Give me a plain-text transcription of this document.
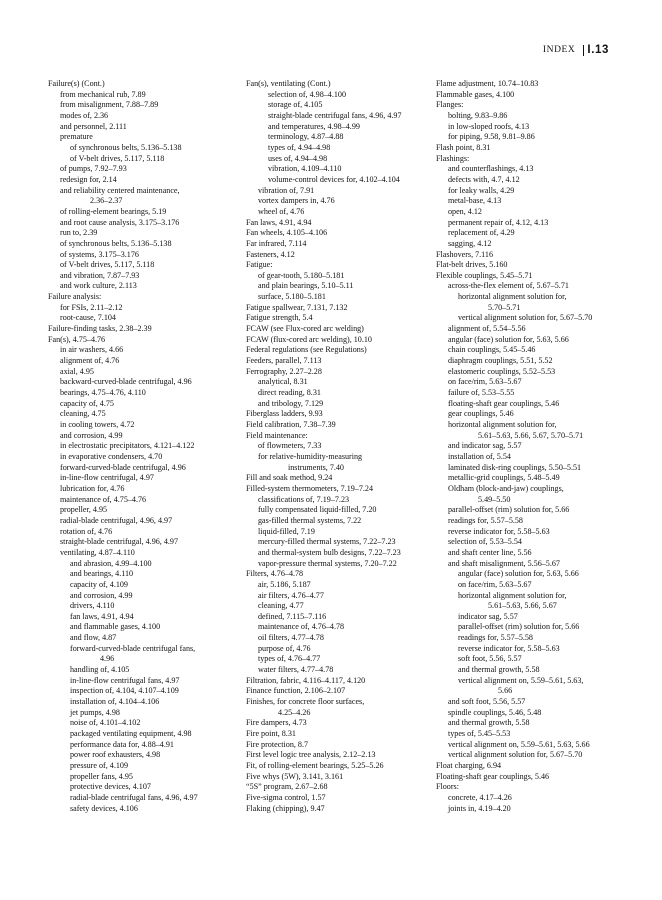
INDEX I.13
Failure(s) (Cont.)
from mechanical rub, 7.89
from misalignment, 7.88–7.89
modes of, 2.36
and personnel, 2.111
premature
of synchronous belts, 5.136–5.138
of V-belt drives, 5.117, 5.118
of pumps, 7.92–7.93
redesign for, 2.14
and reliability centered maintenance,
2.36–2.37
of rolling-element bearings, 5.19
and root cause analysis, 3.175–3.176
run to, 2.39
of synchronous belts, 5.136–5.138
of systems, 3.175–3.176
of V-belt drives, 5.117, 5.118
and vibration, 7.87–7.93
and work culture, 2.113
Failure analysis:
for FSIs, 2.11–2.12
root-cause, 7.104
Failure-finding tasks, 2.38–2.39
Fan(s), 4.75–4.76
in air washers, 4.66
alignment of, 4.76
axial, 4.95
backward-curved-blade centrifugal, 4.96
bearings, 4.75–4.76, 4.110
capacity of, 4.75
cleaning, 4.75
in cooling towers, 4.72
and corrosion, 4.99
in electrostatic precipitators, 4.121–4.122
in evaporative condensers, 4.70
forward-curved-blade centrifugal, 4.96
in-line-flow centrifugal, 4.97
lubrication for, 4.76
maintenance of, 4.75–4.76
propeller, 4.95
radial-blade centrifugal, 4.96, 4.97
rotation of, 4.76
straight-blade centrifugal, 4.96, 4.97
ventilating, 4.87–4.110
and abrasion, 4.99–4.100
and bearings, 4.110
capacity of, 4.109
and corrosion, 4.99
drivers, 4.110
fan laws, 4.91, 4.94
and flammable gases, 4.100
and flow, 4.87
forward-curved-blade centrifugal fans,
4.96
handling of, 4.105
in-line-flow centrifugal fans, 4.97
inspection of, 4.104, 4.107–4.109
installation of, 4.104–4.106
jet pumps, 4.98
noise of, 4.101–4.102
packaged ventilating equipment, 4.98
performance data for, 4.88–4.91
power roof exhausters, 4.98
pressure of, 4.109
propeller fans, 4.95
protective devices, 4.107
radial-blade centrifugal fans, 4.96, 4.97
safety devices, 4.106
Fan(s), ventilating (Cont.)
selection of, 4.98–4.100
storage of, 4.105
straight-blade centrifugal fans, 4.96, 4.97
and temperatures, 4.98–4.99
terminology, 4.87–4.88
types of, 4.94–4.98
uses of, 4.94–4.98
vibration, 4.109–4.110
volume-control devices for, 4.102–4.104
vibration of, 7.91
vortex dampers in, 4.76
wheel of, 4.76
Fan laws, 4.91, 4.94
Fan wheels, 4.105–4.106
Far infrared, 7.114
Fasteners, 4.12
Fatigue:
of gear-tooth, 5.180–5.181
and plain bearings, 5.10–5.11
surface, 5.180–5.181
Fatigue spallwear, 7.131, 7.132
Fatigue strength, 5.4
FCAW (see Flux-cored arc welding)
FCAW (flux-cored arc welding), 10.10
Federal regulations (see Regulations)
Feeders, parallel, 7.113
Ferrography, 2.27–2.28
analytical, 8.31
direct reading, 8.31
and tribology, 7.129
Fiberglass ladders, 9.93
Field calibration, 7.38–7.39
Field maintenance:
of flowmeters, 7.33
for relative-humidity-measuring
instruments, 7.40
Fill and soak method, 9.24
Filled-system thermometers, 7.19–7.24
classifications of, 7.19–7.23
fully compensated liquid-filled, 7.20
gas-filled thermal systems, 7.22
liquid-filled, 7.19
mercury-filled thermal systems, 7.22–7.23
and thermal-system bulb designs, 7.22–7.23
vapor-pressure thermal systems, 7.20–7.22
Filters, 4.76–4.78
air, 5.186, 5.187
air filters, 4.76–4.77
cleaning, 4.77
defined, 7.115–7.116
maintenance of, 4.76–4.78
oil filters, 4.77–4.78
purpose of, 4.76
types of, 4.76–4.77
water filters, 4.77–4.78
Filtration, fabric, 4.116–4.117, 4.120
Finance function, 2.106–2.107
Finishes, for concrete floor surfaces,
4.25–4.26
Fire dampers, 4.73
Fire point, 8.31
Fire protection, 8.7
First level logic tree analysis, 2.12–2.13
Fit, of rolling-element bearings, 5.25–5.26
Five whys (5W), 3.141, 3.161
“5S” program, 2.67–2.68
Five-sigma control, 1.57
Flaking (chipping), 9.47
Flame adjustment, 10.74–10.83
Flammable gases, 4.100
Flanges:
bolting, 9.83–9.86
in low-sloped roofs, 4.13
for piping, 9.58, 9.81–9.86
Flash point, 8.31
Flashings:
and counterflashings, 4.13
defects with, 4.7, 4.12
for leaky walls, 4.29
metal-base, 4.13
open, 4.12
permanent repair of, 4.12, 4.13
replacement of, 4.29
sagging, 4.12
Flashovers, 7.116
Flat-belt drives, 5.160
Flexible couplings, 5.45–5.71
across-the-flex element of, 5.67–5.71
horizontal alignment solution for,
5.70–5.71
vertical alignment solution for, 5.67–5.70
alignment of, 5.54–5.56
angular (face) solution for, 5.63, 5.66
chain couplings, 5.45–5.46
diaphragm couplings, 5.51, 5.52
elastomeric couplings, 5.52–5.53
on face/rim, 5.63–5.67
failure of, 5.53–5.55
floating-shaft gear couplings, 5.46
gear couplings, 5.46
horizontal alignment solution for,
5.61–5.63, 5.66, 5.67, 5.70–5.71
and indicator sag, 5.57
installation of, 5.54
laminated disk-ring couplings, 5.50–5.51
metallic-grid couplings, 5.48–5.49
Oldham (block-and-jaw) couplings,
5.49–5.50
parallel-offset (rim) solution for, 5.66
readings for, 5.57–5.58
reverse indicator for, 5.58–5.63
selection of, 5.53–5.54
and shaft center line, 5.56
and shaft misalignment, 5.56–5.67
angular (face) solution for, 5.63, 5.66
on face/rim, 5.63–5.67
horizontal alignment solution for,
5.61–5.63, 5.66, 5.67
indicator sag, 5.57
parallel-offset (rim) solution for, 5.66
readings for, 5.57–5.58
reverse indicator for, 5.58–5.63
soft foot, 5.56, 5.57
and thermal growth, 5.58
vertical alignment on, 5.59–5.61, 5.63,
5.66
and soft foot, 5.56, 5.57
spindle couplings, 5.46, 5.48
and thermal growth, 5.58
types of, 5.45–5.53
vertical alignment on, 5.59–5.61, 5.63, 5.66
vertical alignment solution for, 5.67–5.70
Float charging, 6.94
Floating-shaft gear couplings, 5.46
Floors:
concrete, 4.17–4.26
joints in, 4.19–4.20
